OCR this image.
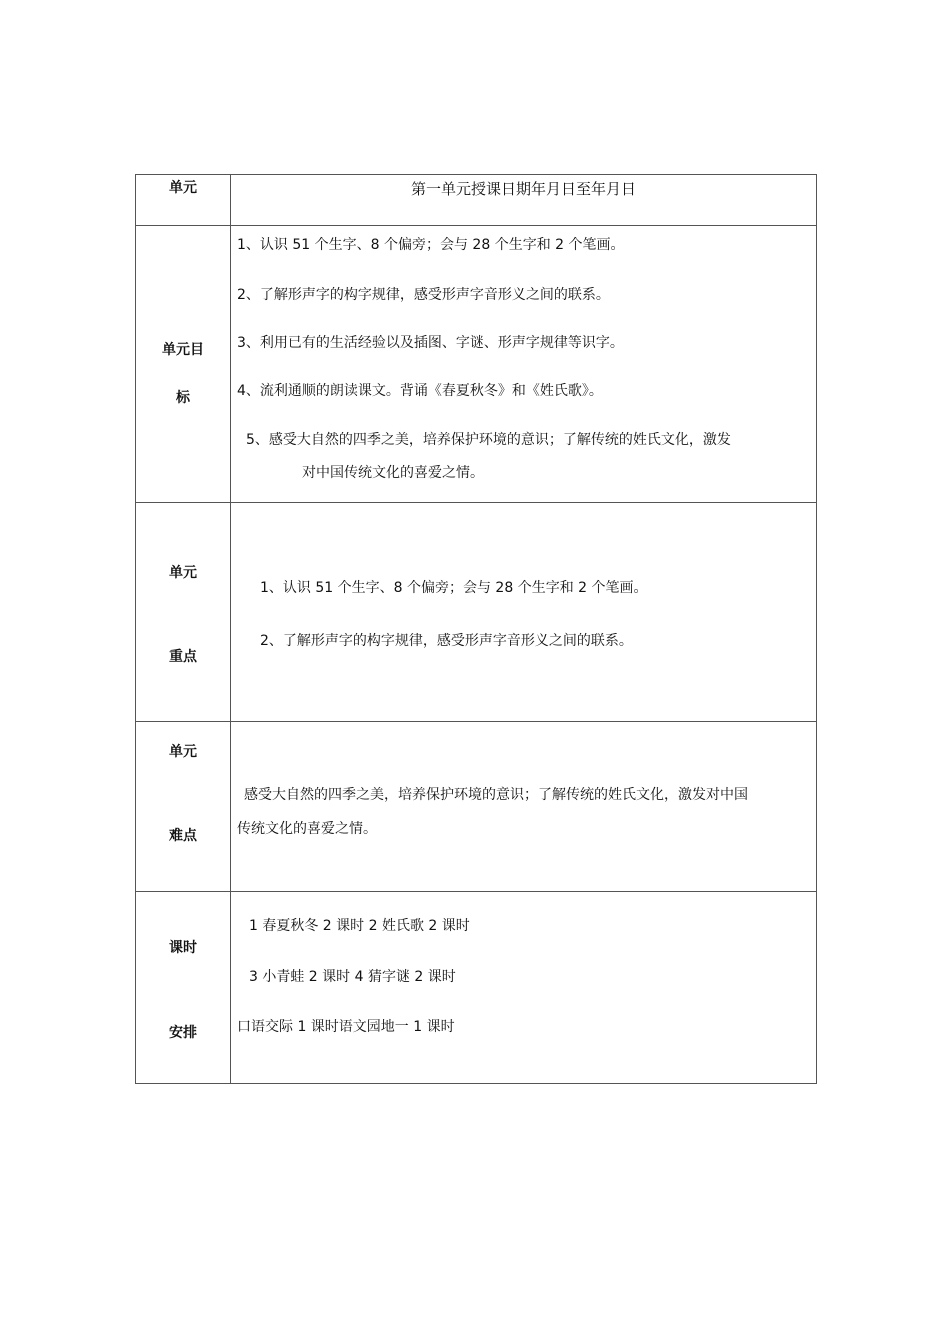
单元	第一单元授课日期年月日至年月日
单元目
标
1、认识 51 个生字、8 个偏旁；会与 28 个生字和 2 个笔画。
2、了解形声字的构字规律，感受形声字音形义之间的联系。
3、利用已有的生活经验以及插图、字谜、形声字规律等识字。
4、流利通顺的朗读课文。背诵《春夏秋冬》和《姓氏歌》。
5、感受大自然的四季之美，培养保护环境的意识；了解传统的姓氏文化，激发
对中国传统文化的喜爱之情。
单元
重点
1、认识 51 个生字、8 个偏旁；会与 28 个生字和 2 个笔画。
2、了解形声字的构字规律，感受形声字音形义之间的联系。
单元
难点
感受大自然的四季之美，培养保护环境的意识；了解传统的姓氏文化，激发对中国
传统文化的喜爱之情。
课时
安排
1 春夏秋冬 2 课时 2 姓氏歌 2 课时
3 小青蛙 2 课时 4 猜字谜 2 课时
口语交际 1 课时语文园地一 1 课时
